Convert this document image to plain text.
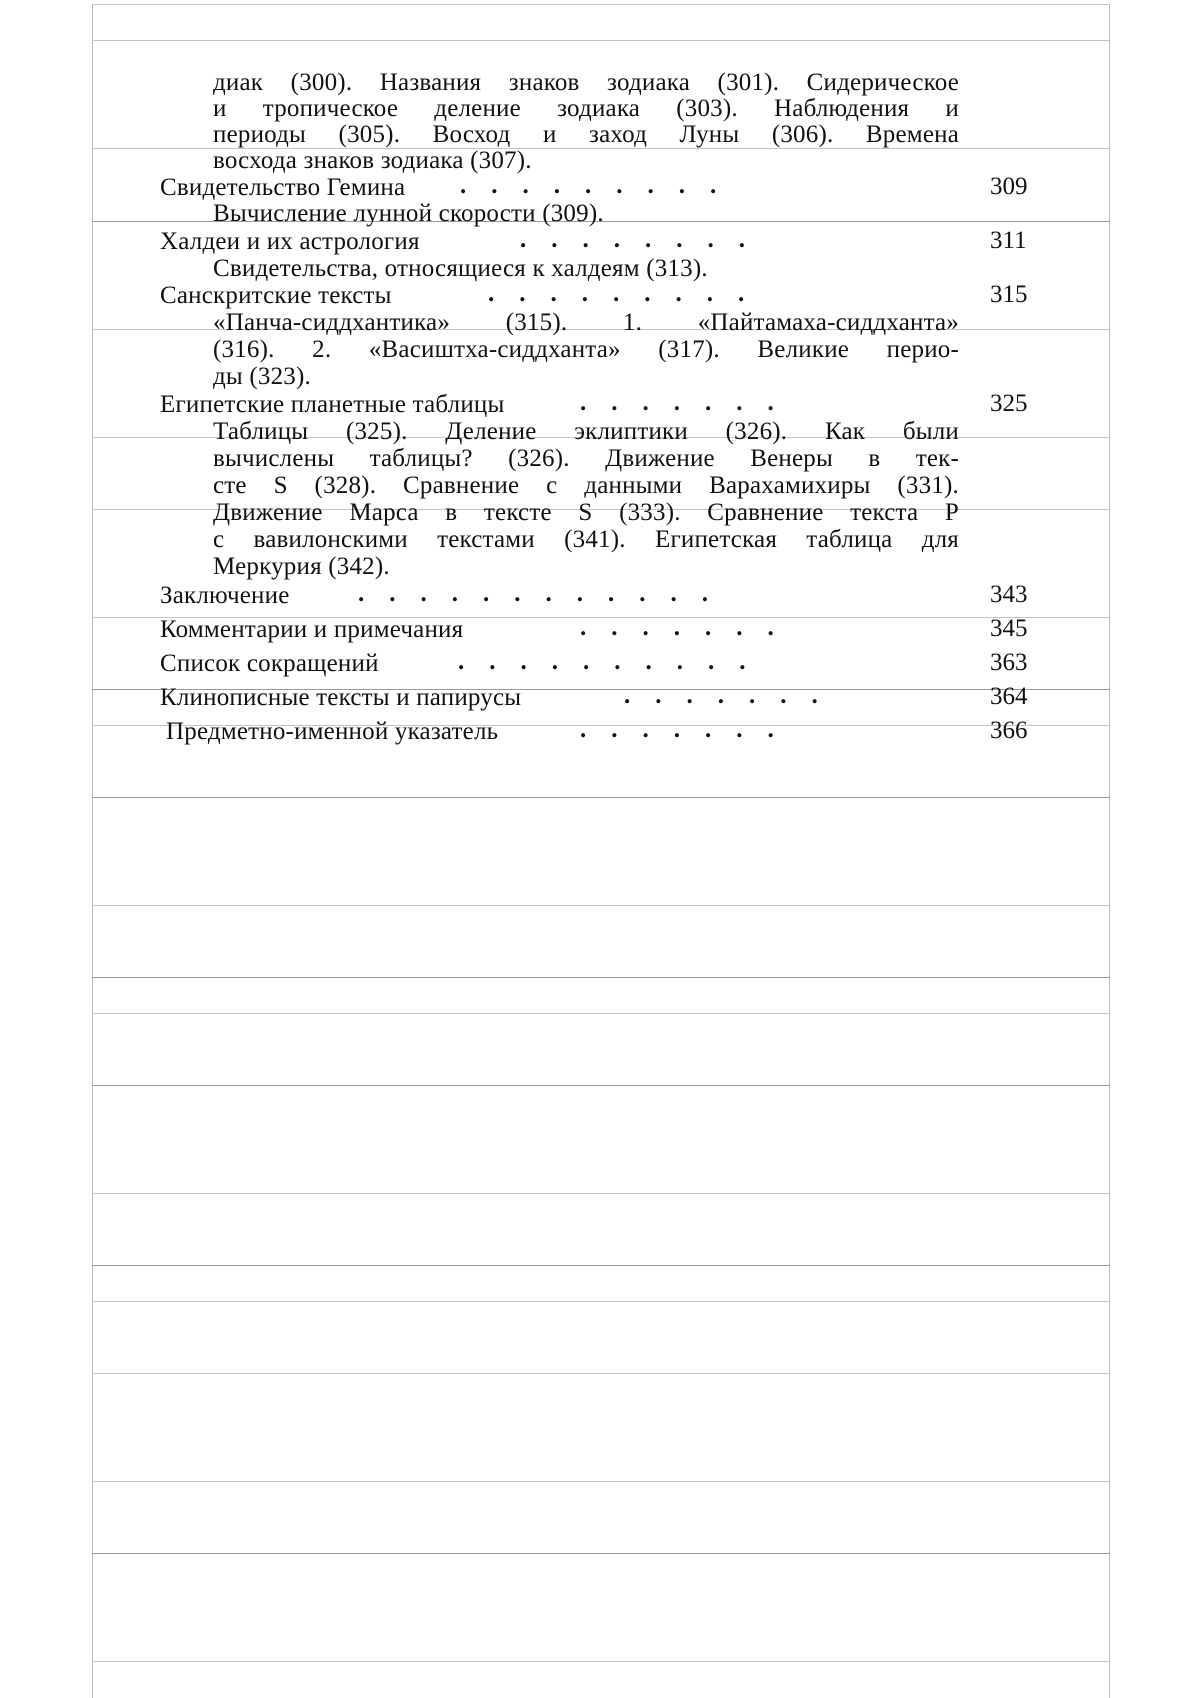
диак (300). Названия знаков зодиака (301). Сидерическое
и тропическое деление зодиака (303). Наблюдения и
периоды (305). Восход и заход Луны (306). Времена
восхода знаков зодиака (307).
Свидетельство Гемина .........	309
Вычисление лунной скорости (309).
Халдеи и их астрология	........	311
Свидетельства, относящиеся к халдеям (313).
Санскритские тексты	.........	315
«Панча-сиддхантика» (315). 1. «Пайтамаха-сиддханта»
(316). 2. «Васиштха-сиддханта» (317). Великие перио-
ды (323).
Египетские планетные таблицы	.......	325
Таблицы (325). Деление эклиптики (326). Как были
вычислены таблицы? (326). Движение Венеры в тек-
сте S (328). Сравнение с данными Варахамихиры (331).
Движение Марса в тексте S (333). Сравнение текста P
с вавилонскими текстами (341). Египетская таблица для
Меркурия (342).
Заключение	............	343
Комментарии и примечания	.......	345
Список сокращений	..........	363
Клинописные тексты и папирусы	.......	364
Предметно-именной указатель	.......	366
